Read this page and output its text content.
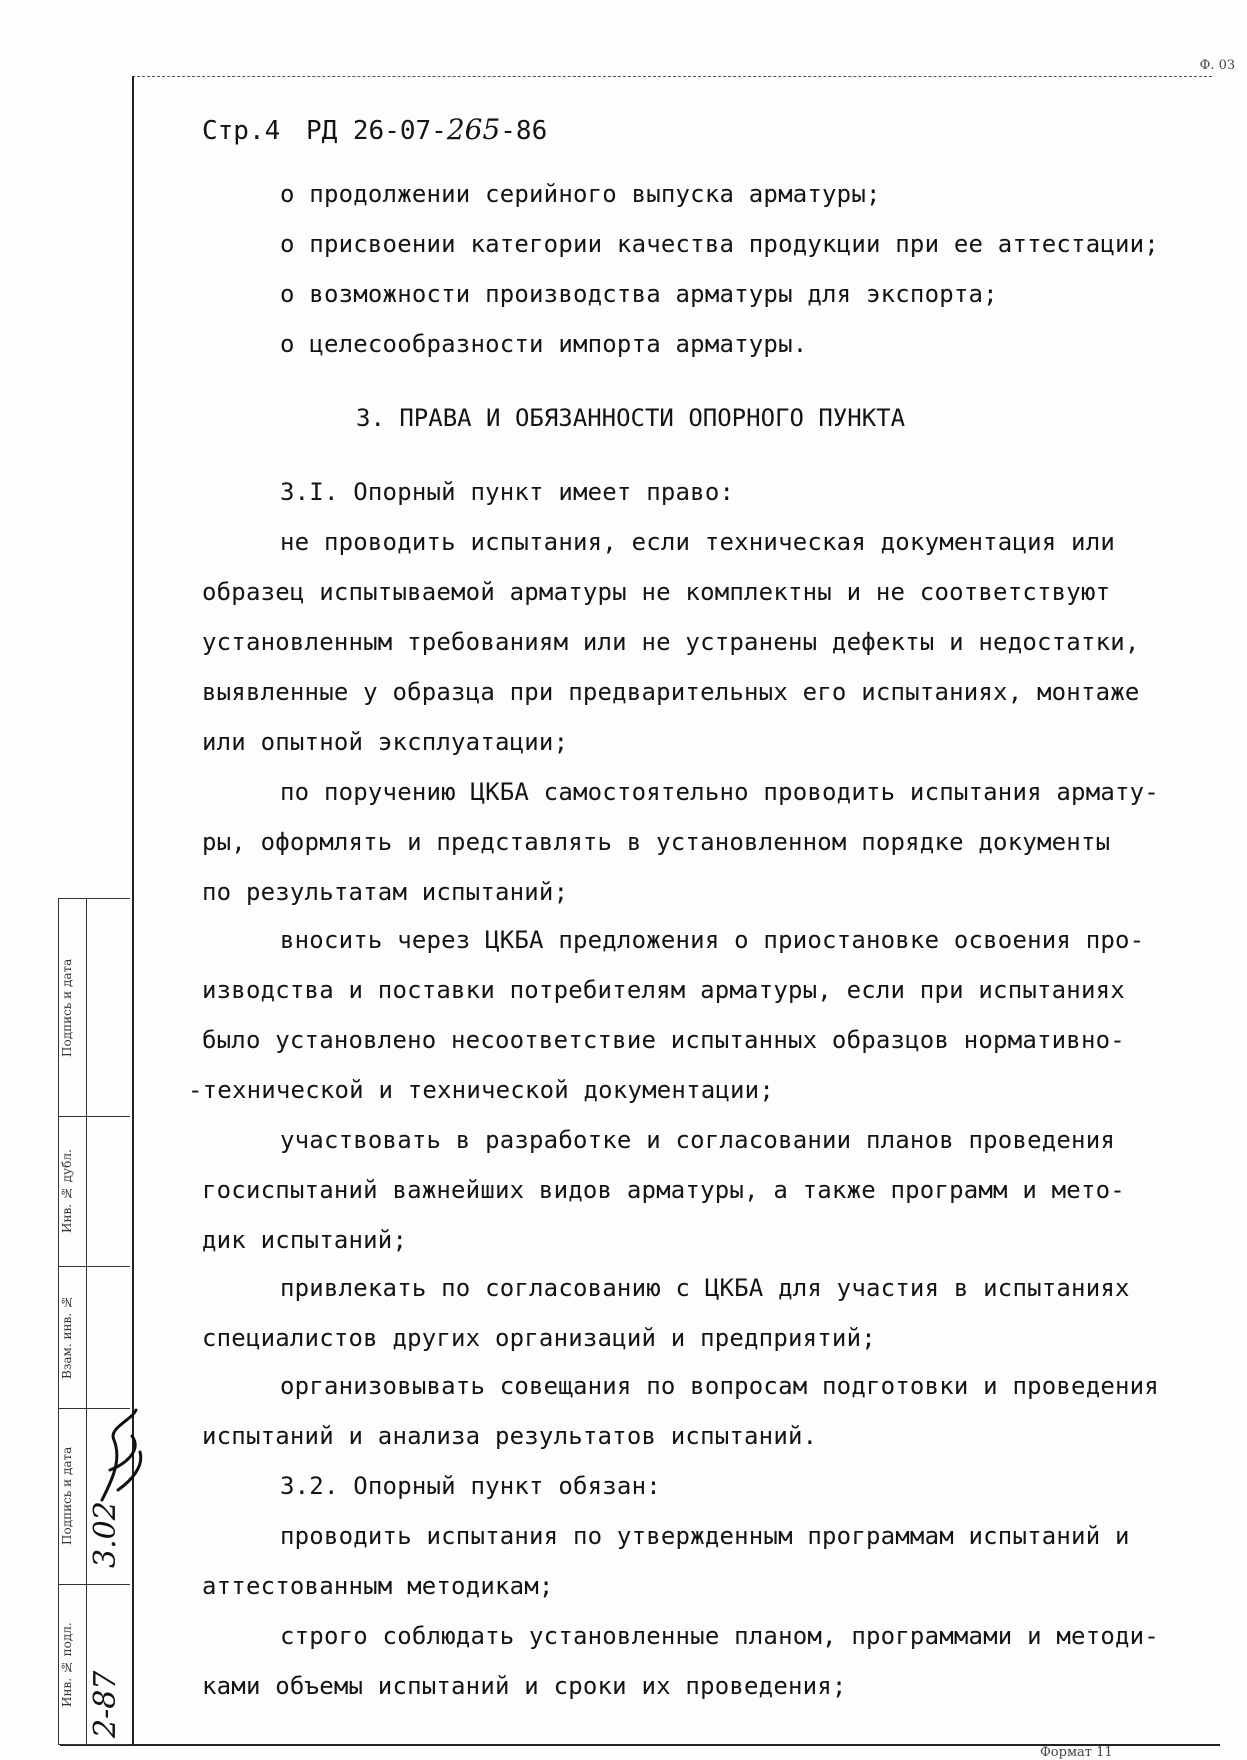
Ф. 0З
Формат 11
Стр.4 РД 26-07-265-86
о продолжении серийного выпуска арматуры;
о присвоении категории качества продукции при ее аттестации;
о возможности производства арматуры для экспорта;
о целесообразности импорта арматуры.
3. ПРАВА И ОБЯЗАННОСТИ ОПОРНОГО ПУНКТА
3.I. Опорный пункт имеет право:
не проводить испытания, если техническая документация или
образец испытываемой арматуры не комплектны и не соответствуют
установленным требованиям или не устранены дефекты и недостатки,
выявленные у образца при предварительных его испытаниях, монтаже
или опытной эксплуатации;
по поручению ЦКБА самостоятельно проводить испытания армату-
ры, оформлять и представлять в установленном порядке документы
по результатам испытаний;
вносить через ЦКБА предложения о приостановке освоения про-
изводства и поставки потребителям арматуры, если при испытаниях
было установлено несоответствие испытанных образцов нормативно-
-технической и технической документации;
участвовать в разработке и согласовании планов проведения
госиспытаний важнейших видов арматуры, а также программ и мето-
дик испытаний;
привлекать по согласованию с ЦКБА для участия в испытаниях
специалистов других организаций и предприятий;
организовывать совещания по вопросам подготовки и проведения
испытаний и анализа результатов испытаний.
3.2. Опорный пункт обязан:
проводить испытания по утвержденным программам испытаний и
аттестованным методикам;
строго соблюдать установленные планом, программами и методи-
ками объемы испытаний и сроки их проведения;
Подпись и дата
Инв. № дубл.
Взам. инв. №
Подпись и дата
Инв. № подл.
3.02
2-87
